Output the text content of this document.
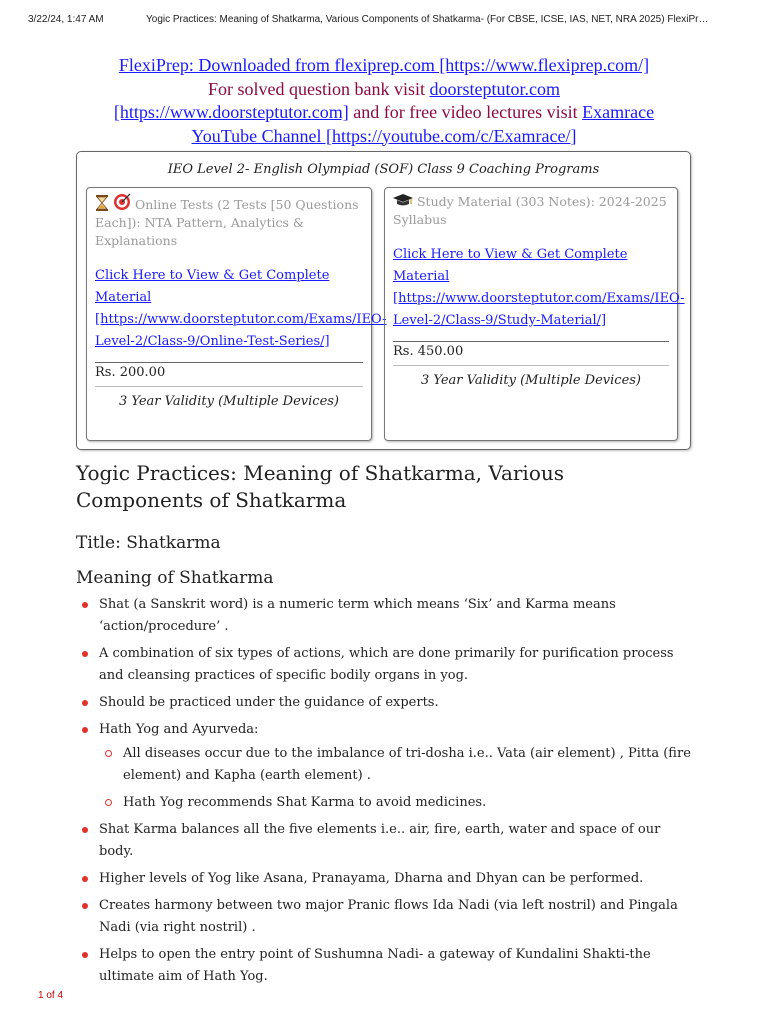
3/22/24, 1:47 AM	Yogic Practices: Meaning of Shatkarma, Various Components of Shatkarma- (For CBSE, ICSE, IAS, NET, NRA 2025) FlexiPr…
FlexiPrep: Downloaded from flexiprep.com [https://www.flexiprep.com/]
For solved question bank visit doorsteptutor.com
[https://www.doorsteptutor.com] and for free video lectures visit Examrace
YouTube Channel [https://youtube.com/c/Examrace/]
IEO Level 2- English Olympiad (SOF) Class 9 Coaching Programs
Online Tests (2 Tests [50 Questions Each]): NTA Pattern, Analytics & Explanations
Click Here to View & Get Complete Material [https://www.doorsteptutor.com/Exams/IEO-Level-2/Class-9/Online-Test-Series/]
Rs. 200.00
3 Year Validity (Multiple Devices)
Study Material (303 Notes): 2024-2025 Syllabus
Click Here to View & Get Complete Material [https://www.doorsteptutor.com/Exams/IEO-Level-2/Class-9/Study-Material/]
Rs. 450.00
3 Year Validity (Multiple Devices)
Yogic Practices: Meaning of Shatkarma, Various Components of Shatkarma
Title: Shatkarma
Meaning of Shatkarma
Shat (a Sanskrit word) is a numeric term which means ‘Six’ and Karma means ‘action/procedure’ .
A combination of six types of actions, which are done primarily for purification process and cleansing practices of specific bodily organs in yog.
Should be practiced under the guidance of experts.
Hath Yog and Ayurveda:
All diseases occur due to the imbalance of tri-dosha i.e.. Vata (air element) , Pitta (fire element) and Kapha (earth element) .
Hath Yog recommends Shat Karma to avoid medicines.
Shat Karma balances all the five elements i.e.. air, fire, earth, water and space of our body.
Higher levels of Yog like Asana, Pranayama, Dharna and Dhyan can be performed.
Creates harmony between two major Pranic flows Ida Nadi (via left nostril) and Pingala Nadi (via right nostril) .
Helps to open the entry point of Sushumna Nadi- a gateway of Kundalini Shakti-the ultimate aim of Hath Yog.
1 of 4
